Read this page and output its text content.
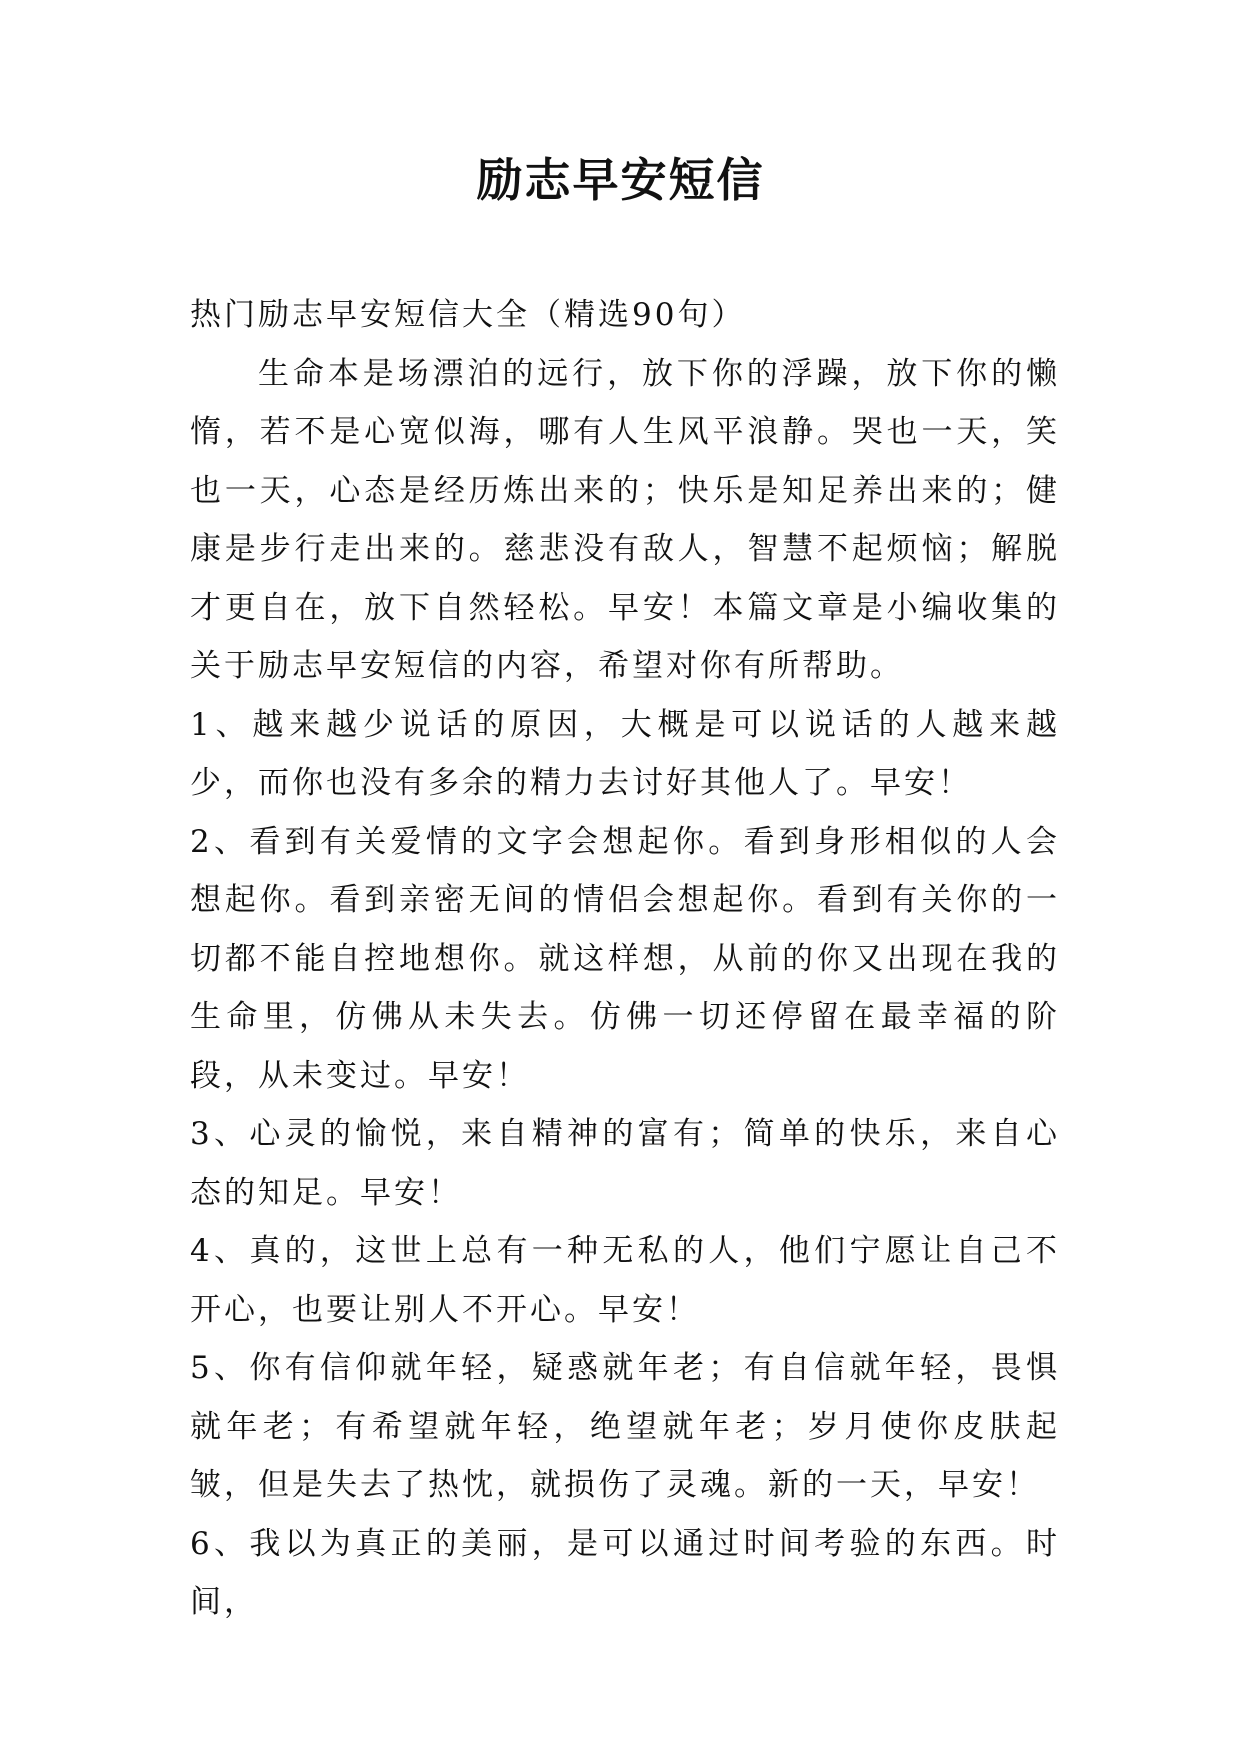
励志早安短信

热门励志早安短信大全（精选90句）

生命本是场漂泊的远行，放下你的浮躁，放下你的懒惰，若不是心宽似海，哪有人生风平浪静。哭也一天，笑也一天，心态是经历炼出来的；快乐是知足养出来的；健康是步行走出来的。慈悲没有敌人，智慧不起烦恼；解脱才更自在，放下自然轻松。早安！本篇文章是小编收集的关于励志早安短信的内容，希望对你有所帮助。

1、越来越少说话的原因，大概是可以说话的人越来越少，而你也没有多余的精力去讨好其他人了。早安！

2、看到有关爱情的文字会想起你。看到身形相似的人会想起你。看到亲密无间的情侣会想起你。看到有关你的一切都不能自控地想你。就这样想，从前的你又出现在我的生命里，仿佛从未失去。仿佛一切还停留在最幸福的阶段，从未变过。早安！

3、心灵的愉悦，来自精神的富有；简单的快乐，来自心态的知足。早安！

4、真的，这世上总有一种无私的人，他们宁愿让自己不开心，也要让别人不开心。早安！

5、你有信仰就年轻，疑惑就年老；有自信就年轻，畏惧就年老；有希望就年轻，绝望就年老；岁月使你皮肤起皱，但是失去了热忱，就损伤了灵魂。新的一天，早安！

6、我以为真正的美丽，是可以通过时间考验的东西。时间，
